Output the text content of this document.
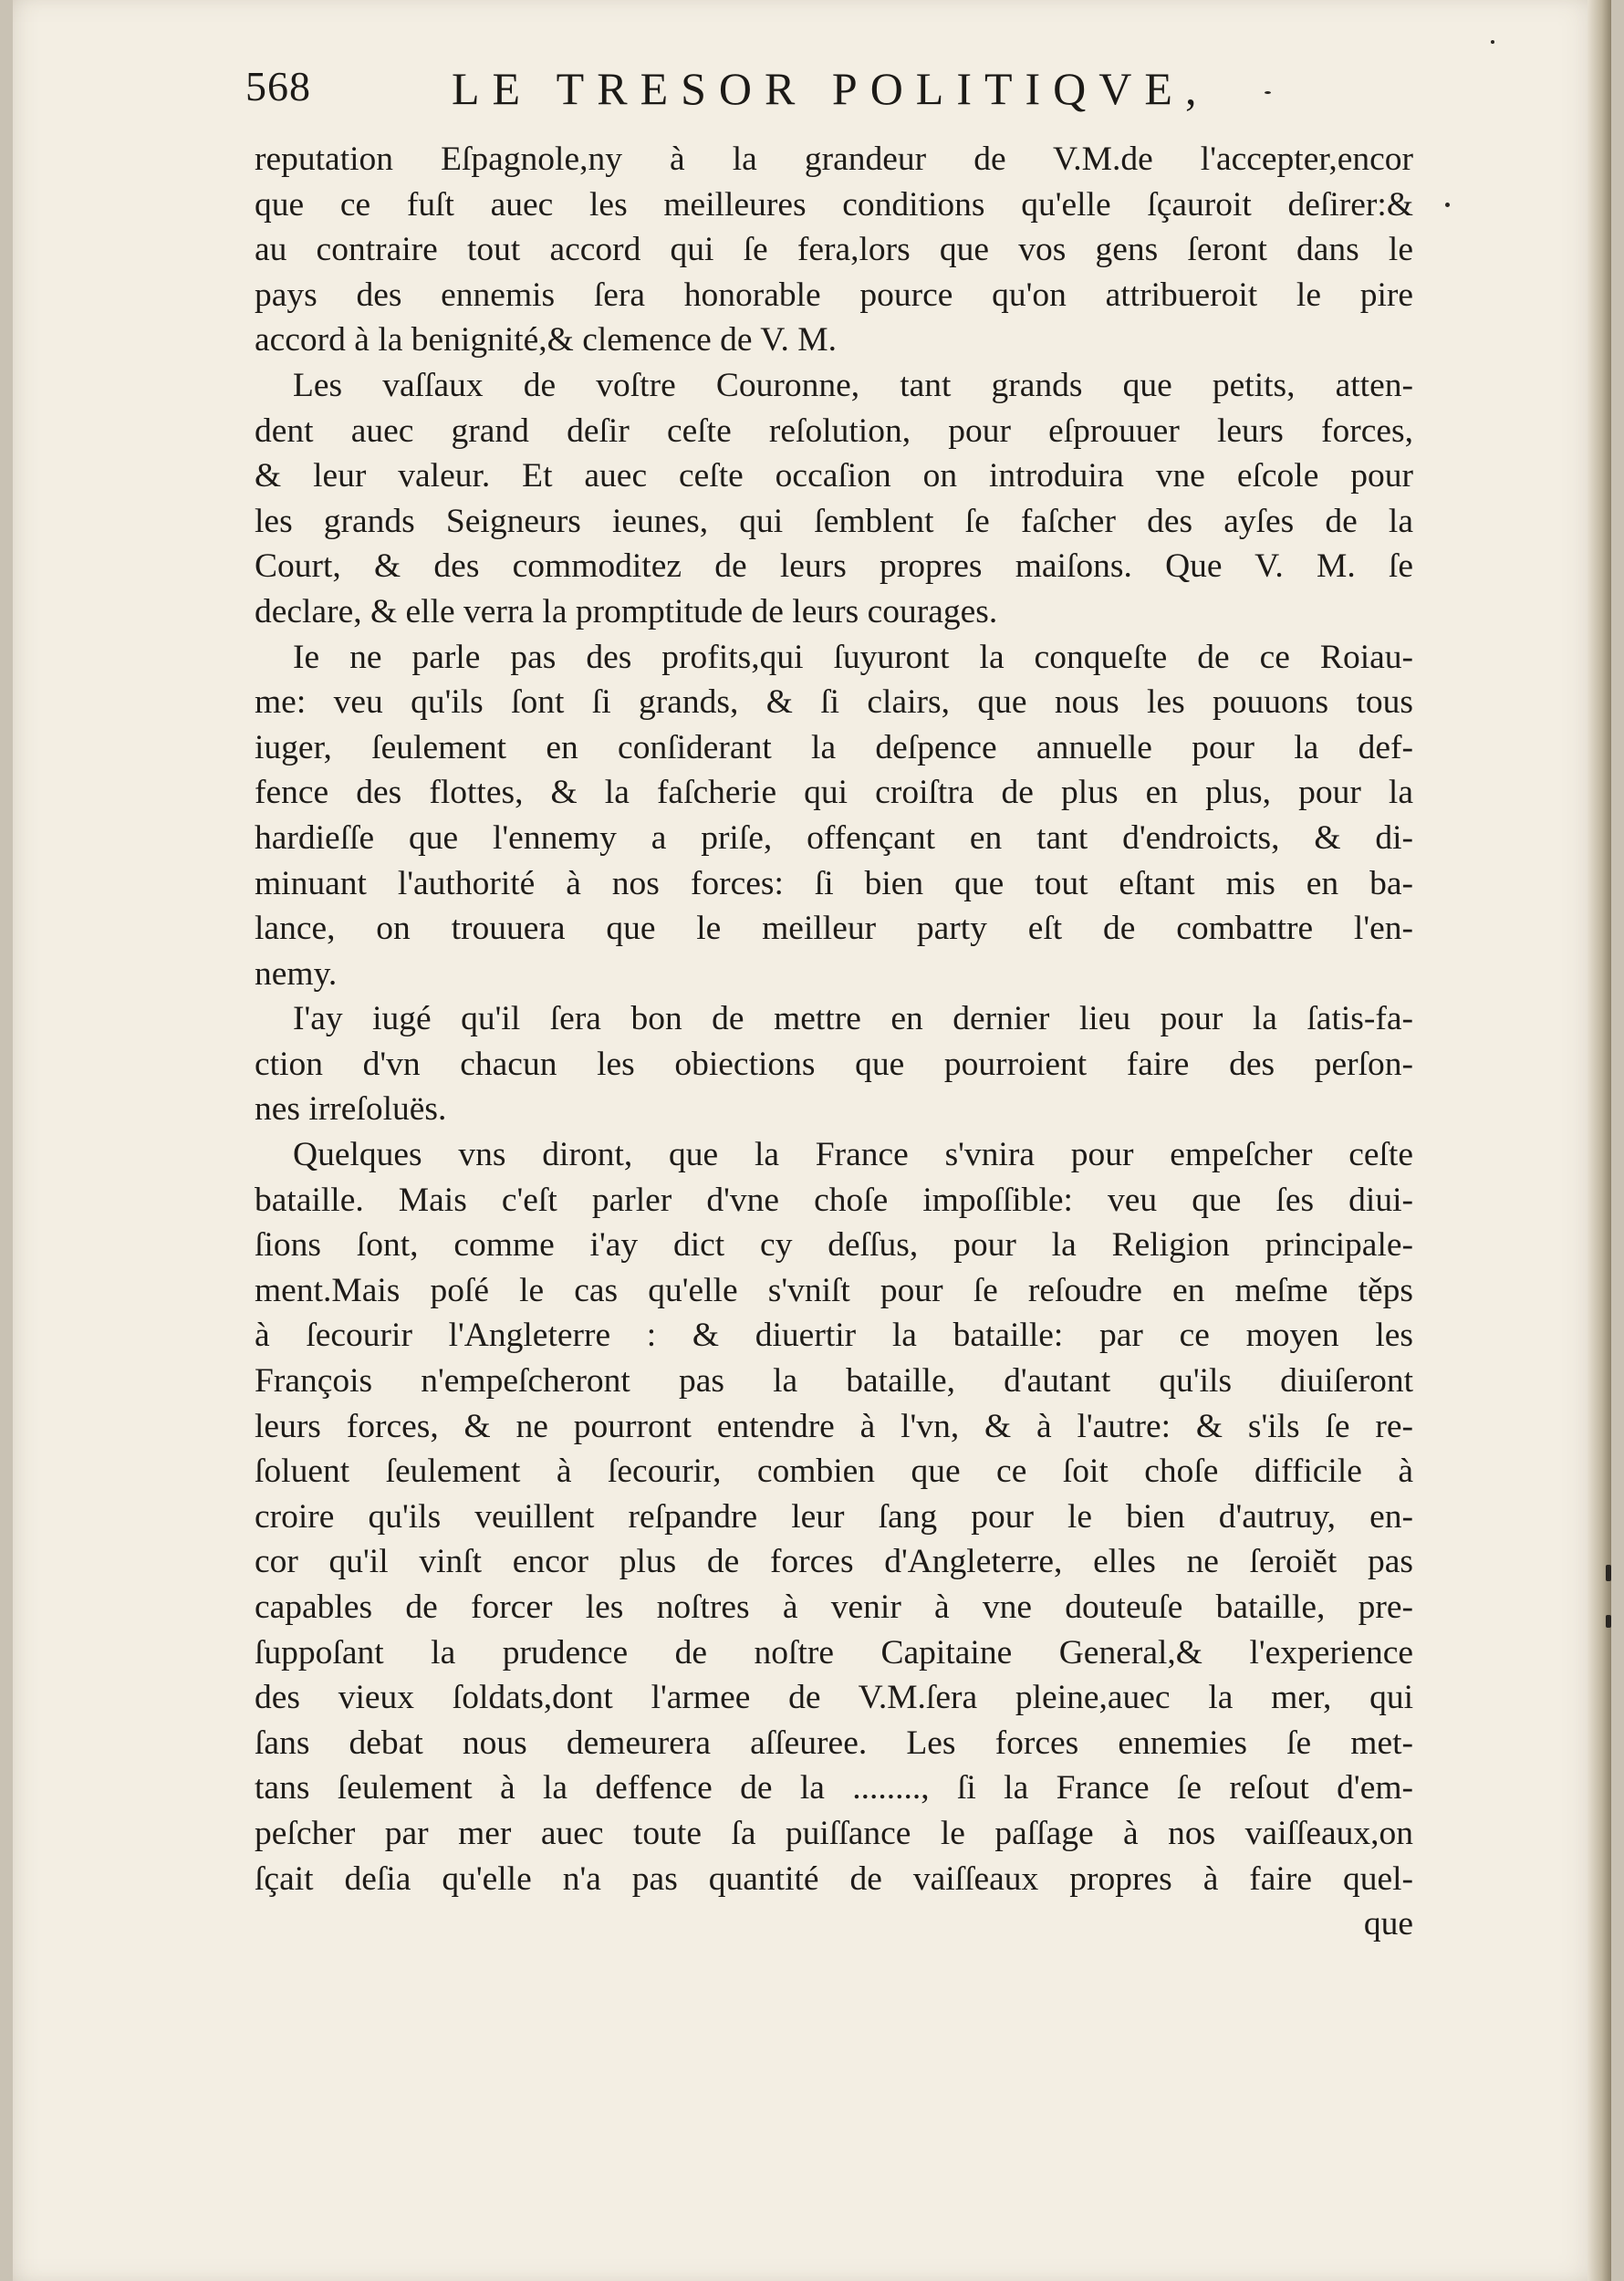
568	LE TRESOR POLITIQVE,
reputation Eſpagnole,ny à la grandeur de V.M.de l'accepter,encor
que ce fuſt auec les meilleures conditions qu'elle ſçauroit deſirer:&
au contraire tout accord qui ſe fera,lors que vos gens ſeront dans le
pays des ennemis ſera honorable pource qu'on attribueroit le pire
accord à la benignité,& clemence de V. M.
Les vaſſaux de voſtre Couronne, tant grands que petits, atten-
dent auec grand deſir ceſte reſolution, pour eſprouuer leurs forces,
& leur valeur. Et auec ceſte occaſion on introduira vne eſcole pour
les grands Seigneurs ieunes, qui ſemblent ſe faſcher des ayſes de la
Court, & des commoditez de leurs propres maiſons. Que V. M. ſe
declare, & elle verra la promptitude de leurs courages.
Ie ne parle pas des profits,qui ſuyuront la conqueſte de ce Roiau-
me: veu qu'ils ſont ſi grands, & ſi clairs, que nous les pouuons tous
iuger, ſeulement en conſiderant la deſpence annuelle pour la def-
fence des flottes, & la faſcherie qui croiſtra de plus en plus, pour la
hardieſſe que l'ennemy a priſe, offençant en tant d'endroicts, & di-
minuant l'authorité à nos forces: ſi bien que tout eſtant mis en ba-
lance, on trouuera que le meilleur party eſt de combattre l'en-
nemy.
I'ay iugé qu'il ſera bon de mettre en dernier lieu pour la ſatis-fa-
ction d'vn chacun les obiections que pourroient faire des perſon-
nes irreſoluës.
Quelques vns diront, que la France s'vnira pour empeſcher ceſte
bataille. Mais c'eſt parler d'vne choſe impoſſible: veu que ſes diui-
ſions ſont, comme i'ay dict cy deſſus, pour la Religion principale-
ment.Mais poſé le cas qu'elle s'vniſt pour ſe reſoudre en meſme těps
à ſecourir l'Angleterre : & diuertir la bataille: par ce moyen les
François n'empeſcheront pas la bataille, d'autant qu'ils diuiſeront
leurs forces, & ne pourront entendre à l'vn, & à l'autre: & s'ils ſe re-
ſoluent ſeulement à ſecourir, combien que ce ſoit choſe difficile à
croire qu'ils veuillent reſpandre leur ſang pour le bien d'autruy, en-
cor qu'il vinſt encor plus de forces d'Angleterre, elles ne ſeroiĕt pas
capables de forcer les noſtres à venir à vne douteuſe bataille, pre-
ſuppoſant la prudence de noſtre Capitaine General,& l'experience
des vieux ſoldats,dont l'armee de V.M.ſera pleine,auec la mer, qui
ſans debat nous demeurera aſſeuree. Les forces ennemies ſe met-
tans ſeulement à la deffence de la ........, ſi la France ſe reſout d'em-
peſcher par mer auec toute ſa puiſſance le paſſage à nos vaiſſeaux,on
ſçait deſia qu'elle n'a pas quantité de vaiſſeaux propres à faire quel-
que
